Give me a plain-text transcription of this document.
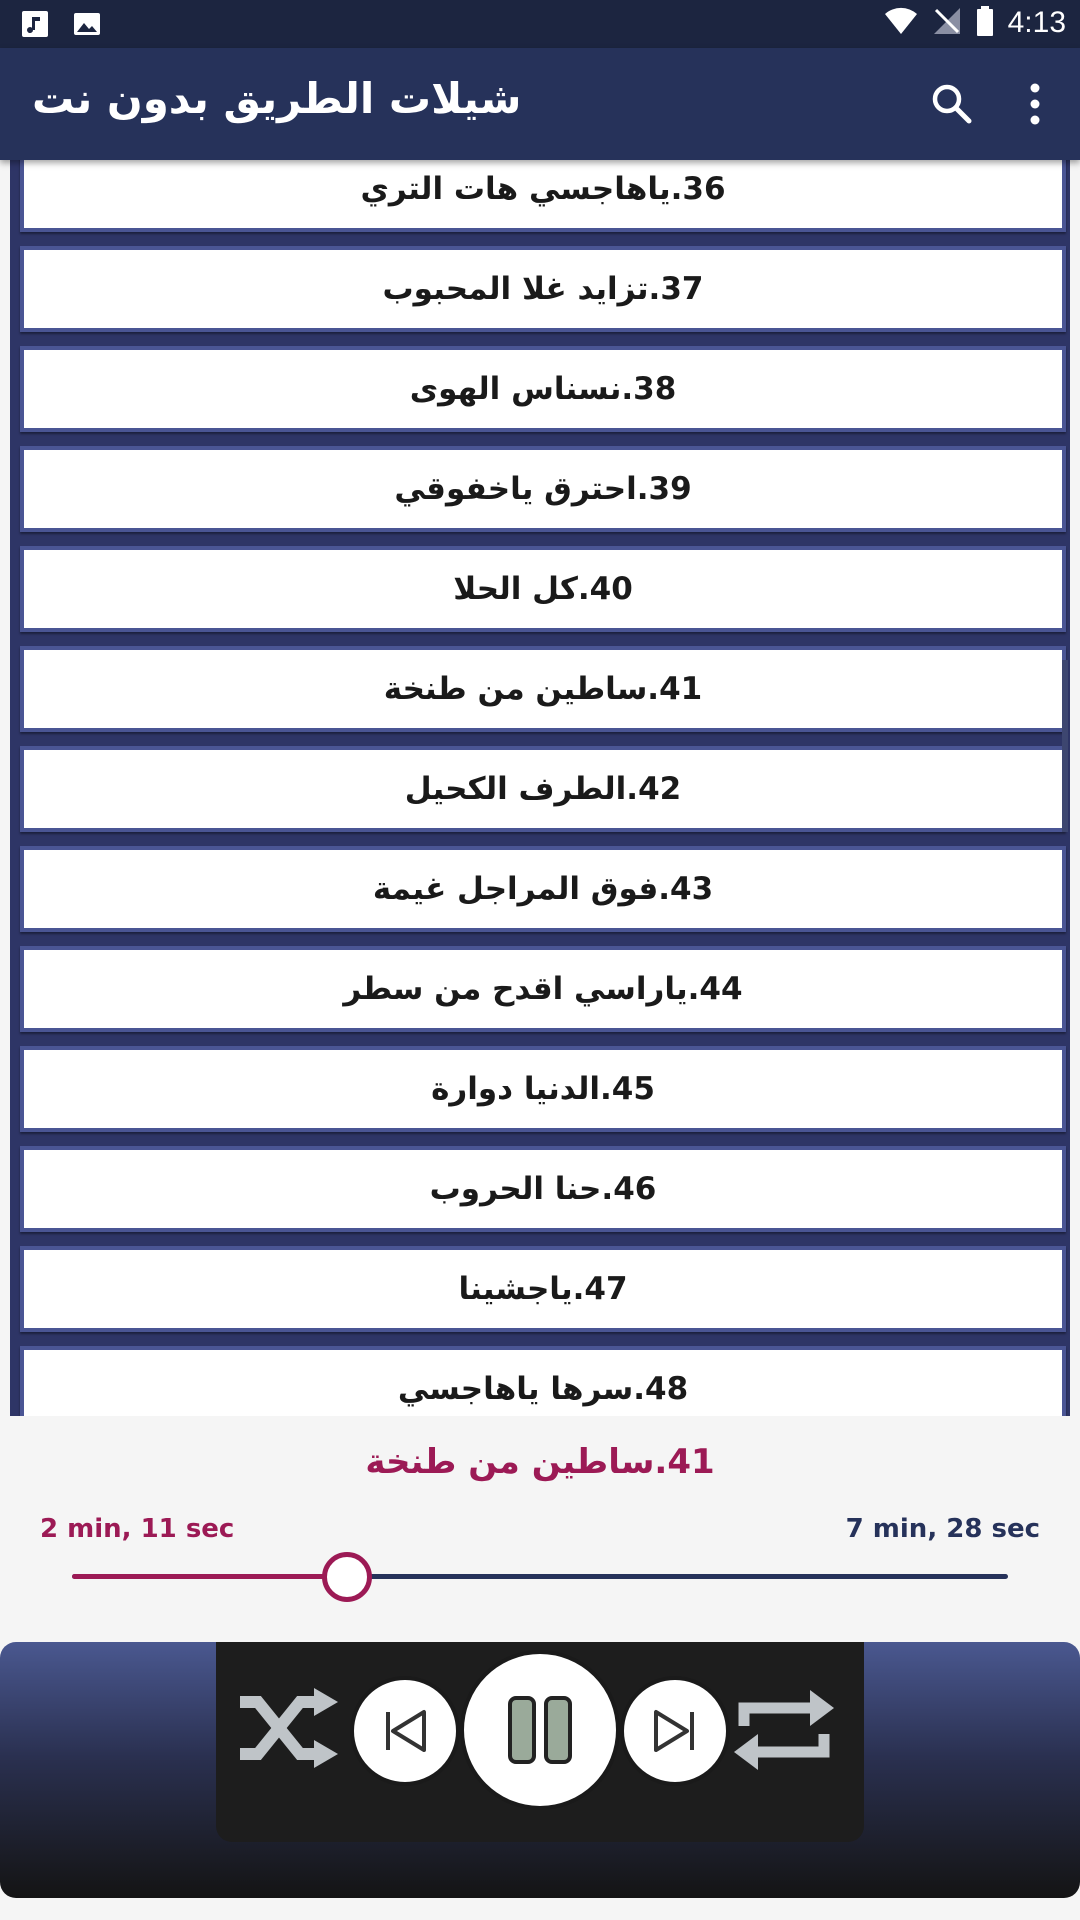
4:13
شيلات الطريق بدون نت
36.ياهاجسي هات التري
37.تزايد غلا المحبوب
38.نسناس الهوى
39.احترق ياخفوقي
40.كل الحلا
41.ساطين من طنخة
42.الطرف الكحيل
43.فوق المراجل غيمة
44.ياراسي اقدح من سطر
45.الدنيا دوارة
46.حنا الحروب
47.ياجشينا
48.سرها ياهاجسي
41.ساطين من طنخة
2 min, 11 sec	7 min, 28 sec
